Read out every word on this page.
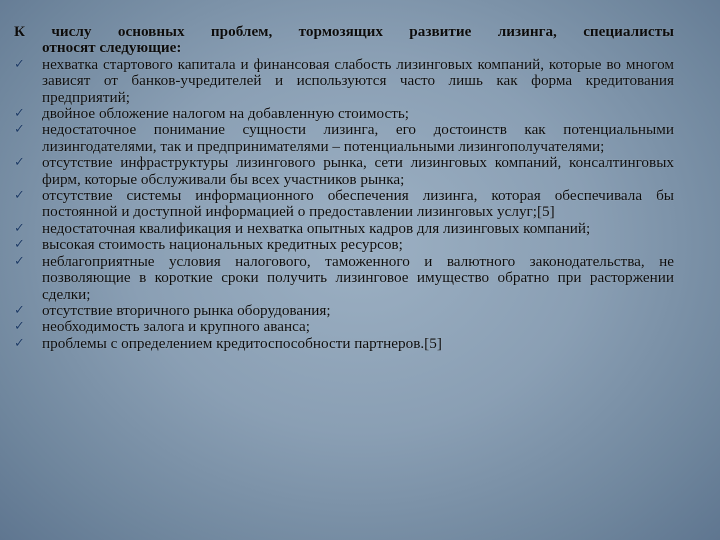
К числу основных проблем, тормозящих развитие лизинга, специалисты

относят следующие:

✓ нехватка стартового капитала и финансовая слабость лизинговых компаний, которые во многом зависят от банков-учредителей и используются часто лишь как форма кредитования предприятий;
✓ двойное обложение налогом на добавленную стоимость;
✓ недостаточное понимание сущности лизинга, его достоинств как потенциальными лизингодателями, так и предпринимателями – потенциальными лизингополучателями;
✓ отсутствие инфраструктуры лизингового рынка, сети лизинговых компаний, консалтинговых фирм, которые обслуживали бы всех участников рынка;
✓ отсутствие системы информационного обеспечения лизинга, которая обеспечивала бы постоянной и доступной информацией о предоставлении лизинговых услуг;[5]
✓ недостаточная квалификация и нехватка опытных кадров для лизинговых компаний;
✓ высокая стоимость национальных кредитных ресурсов;
✓ неблагоприятные условия налогового, таможенного и валютного законодательства, не позволяющие в короткие сроки получить лизинговое имущество обратно при расторжении сделки;
✓ отсутствие вторичного рынка оборудования;
✓ необходимость залога и крупного аванса;
✓ проблемы с определением кредитоспособности партнеров.[5]
